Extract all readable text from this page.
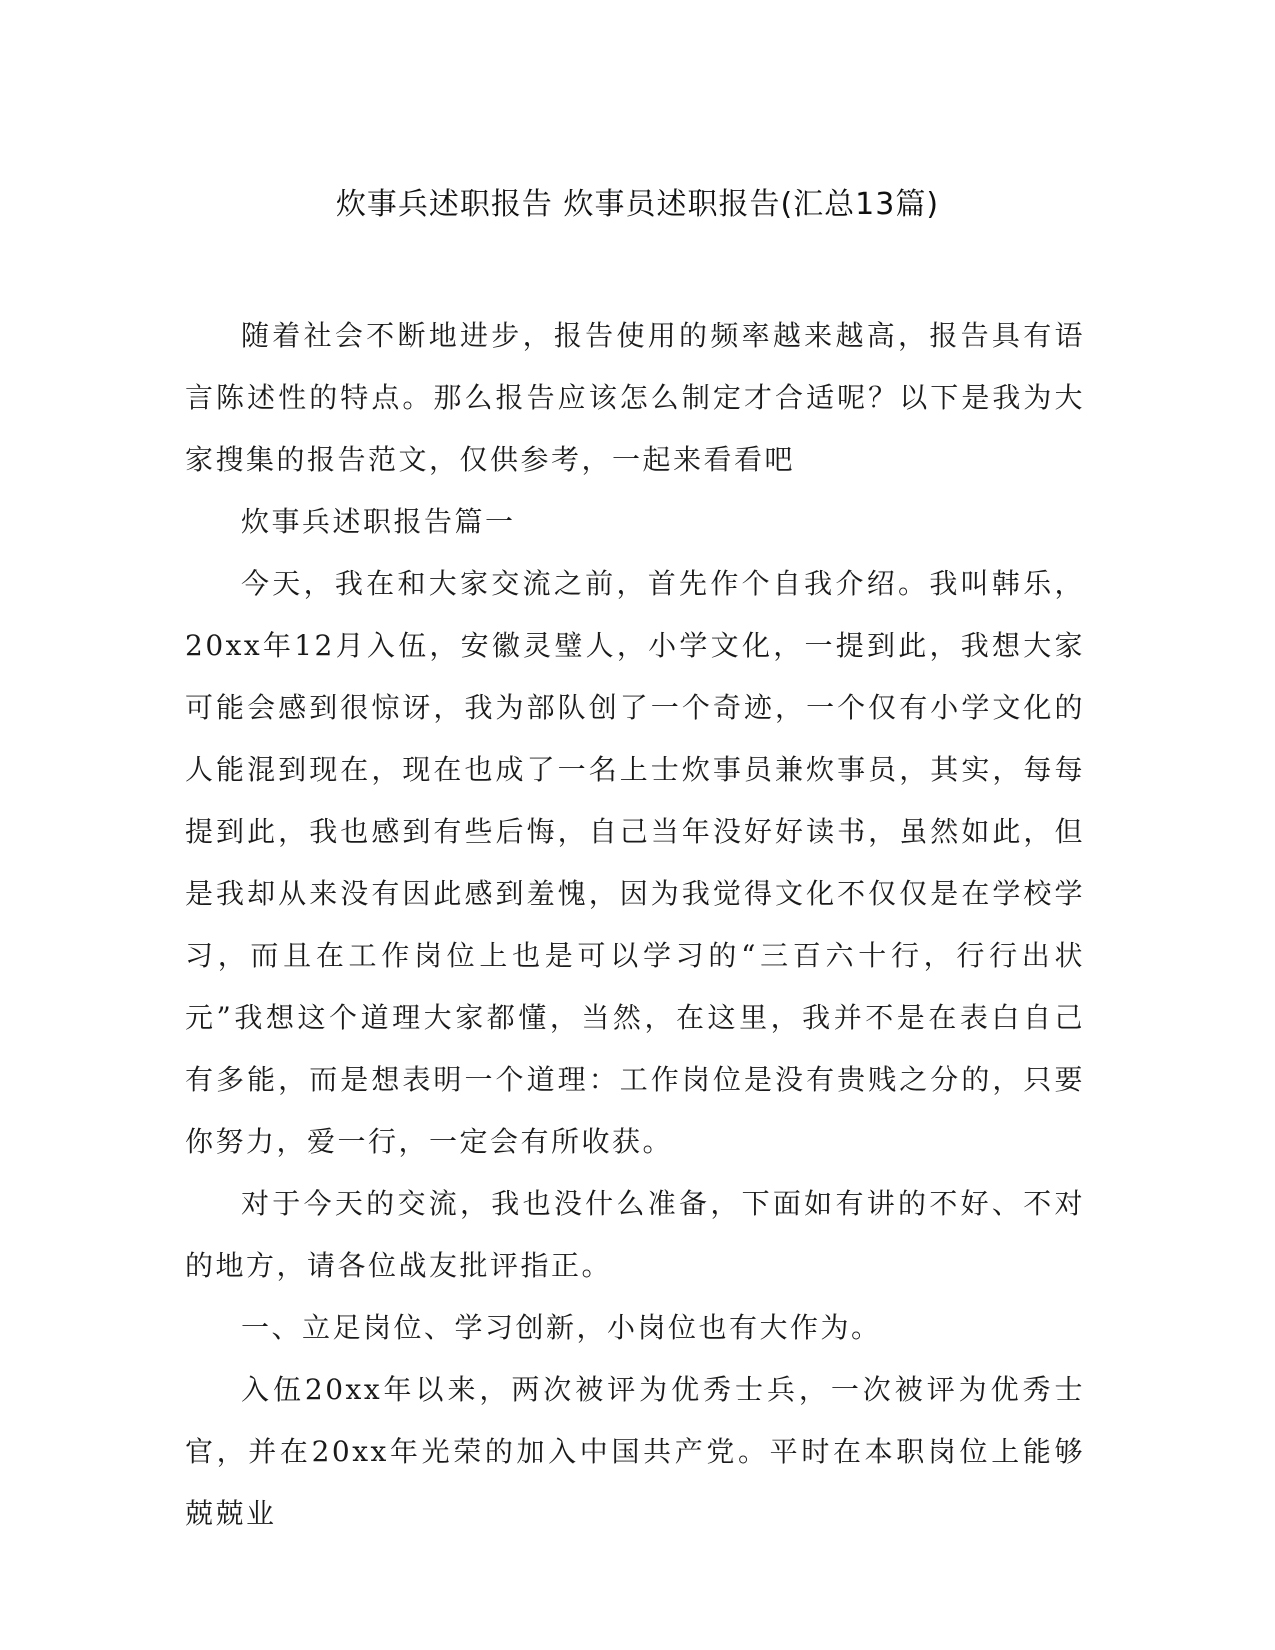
炊事兵述职报告 炊事员述职报告(汇总13篇)

随着社会不断地进步，报告使用的频率越来越高，报告具有语言陈述性的特点。那么报告应该怎么制定才合适呢？以下是我为大家搜集的报告范文，仅供参考，一起来看看吧

炊事兵述职报告篇一

今天，我在和大家交流之前，首先作个自我介绍。我叫韩乐，20xx年12月入伍，安徽灵璧人，小学文化，一提到此，我想大家可能会感到很惊讶，我为部队创了一个奇迹，一个仅有小学文化的人能混到现在，现在也成了一名上士炊事员兼炊事员，其实，每每提到此，我也感到有些后悔，自己当年没好好读书，虽然如此，但是我却从来没有因此感到羞愧，因为我觉得文化不仅仅是在学校学习，而且在工作岗位上也是可以学习的“三百六十行，行行出状元”我想这个道理大家都懂，当然，在这里，我并不是在表白自己有多能，而是想表明一个道理：工作岗位是没有贵贱之分的，只要你努力，爱一行，一定会有所收获。

对于今天的交流，我也没什么准备，下面如有讲的不好、不对的地方，请各位战友批评指正。

一、立足岗位、学习创新，小岗位也有大作为。

入伍20xx年以来，两次被评为优秀士兵，一次被评为优秀士官，并在20xx年光荣的加入中国共产党。平时在本职岗位上能够兢兢业
